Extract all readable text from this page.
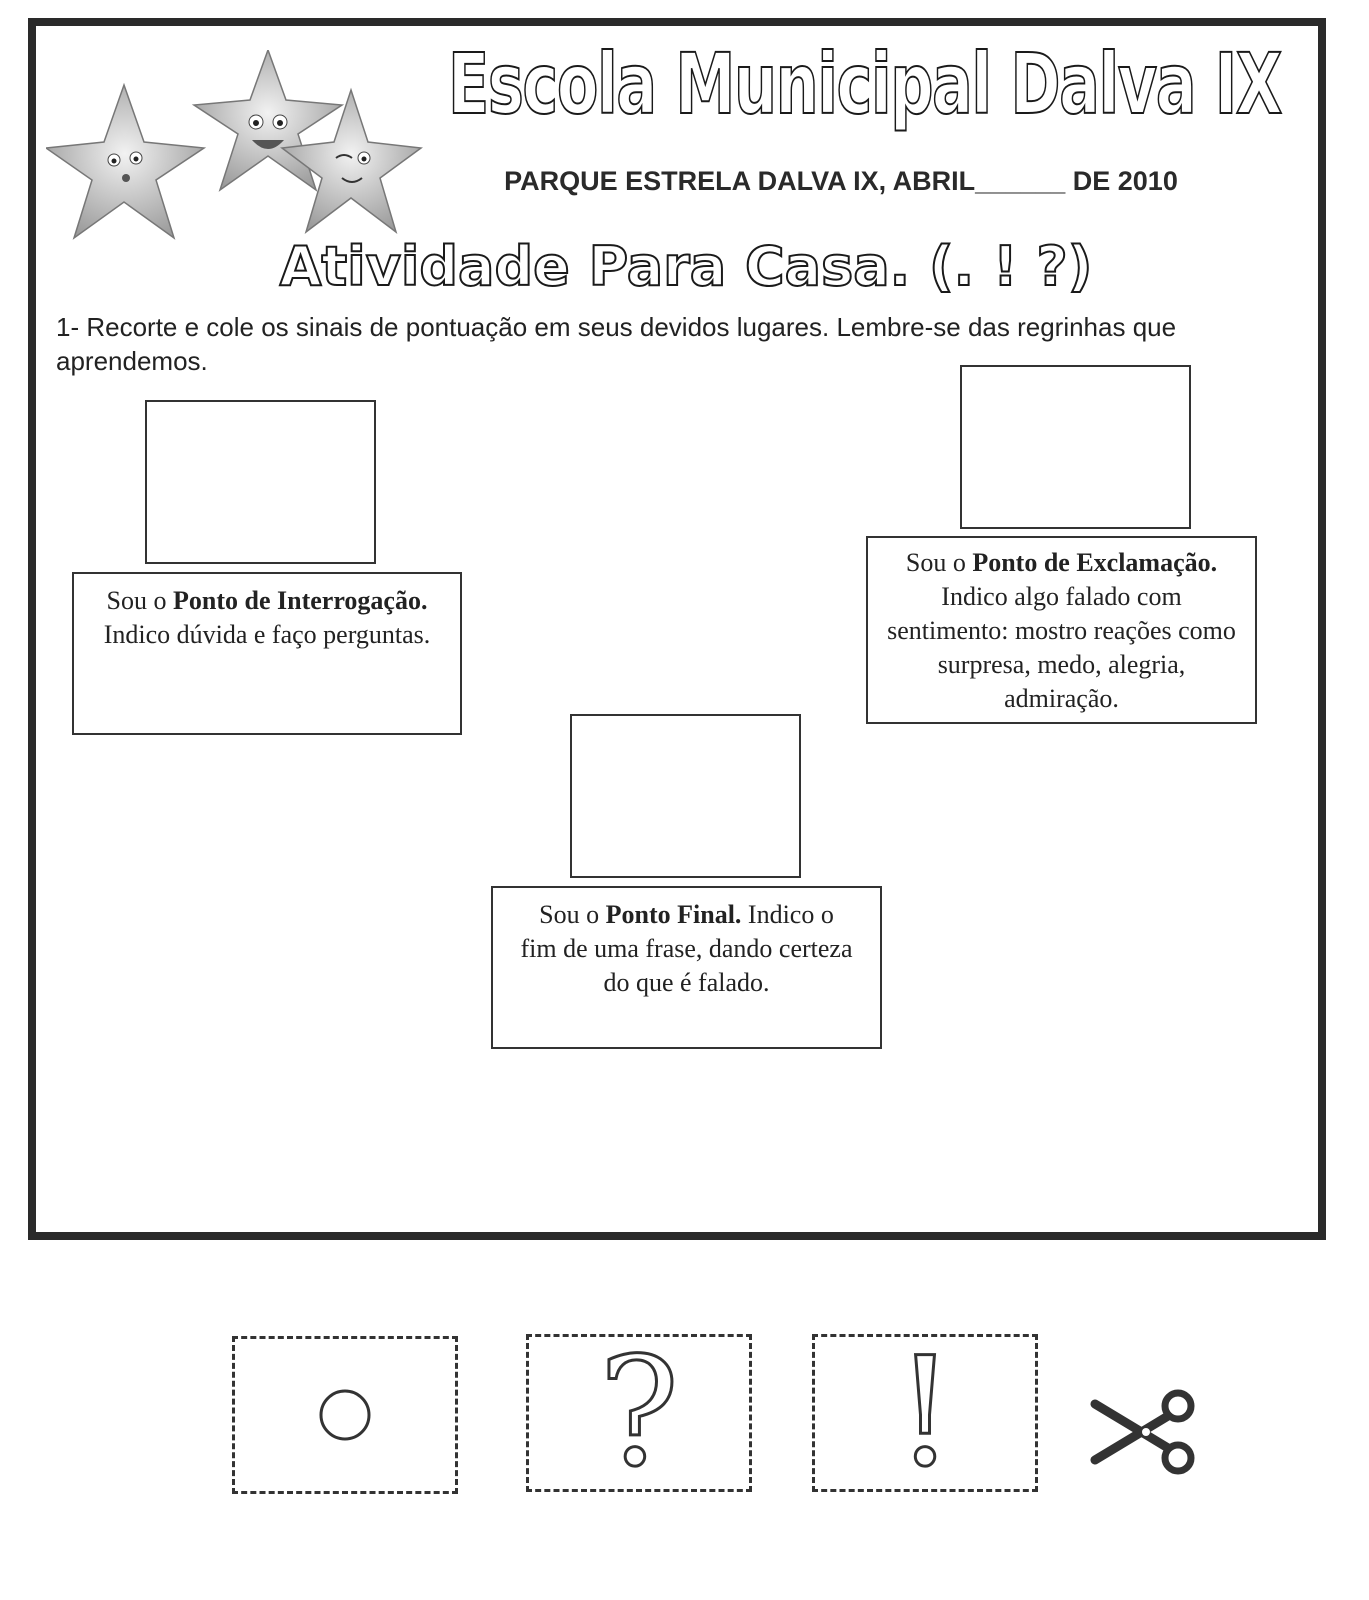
Escola Municipal Dalva IX
PARQUE ESTRELA DALVA IX, ABRIL______ DE 2010
Atividade Para Casa. (. ! ?)
1- Recorte e cole os sinais de pontuação em seus devidos lugares. Lembre-se das regrinhas que aprendemos.
Sou o Ponto de Interrogação. Indico dúvida e faço perguntas.
Sou o Ponto de Exclamação. Indico algo falado com sentimento: mostro reações como surpresa, medo, alegria, admiração.
Sou o Ponto Final. Indico o fim de uma frase, dando certeza do que é falado.
? !
